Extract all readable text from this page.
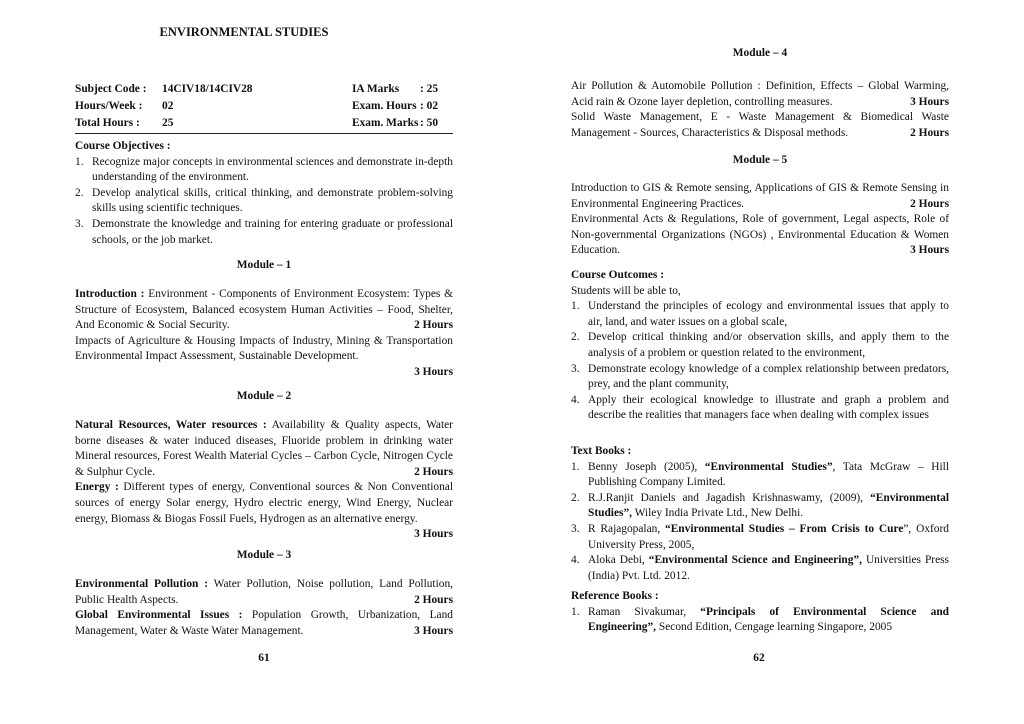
ENVIRONMENTAL STUDIES
Subject Code :	14CIV18/14CIV28	IA Marks	: 25
Hours/Week :	02	Exam. Hours	: 02
Total Hours :	25	Exam. Marks	: 50
Course Objectives :
1. Recognize major concepts in environmental sciences and demonstrate in-depth understanding of the environment.
2. Develop analytical skills, critical thinking, and demonstrate problem-solving skills using scientific techniques.
3. Demonstrate the knowledge and training for entering graduate or professional schools, or the job market.
Module – 1
Introduction : Environment - Components of Environment Ecosystem: Types & Structure of Ecosystem, Balanced ecosystem Human Activities – Food, Shelter, And Economic & Social Security.	2 Hours
Impacts of Agriculture & Housing Impacts of Industry, Mining & Transportation Environmental Impact Assessment, Sustainable Development.
3 Hours
Module – 2
Natural Resources, Water resources : Availability & Quality aspects, Water borne diseases & water induced diseases, Fluoride problem in drinking water Mineral resources, Forest Wealth Material Cycles – Carbon Cycle, Nitrogen Cycle & Sulphur Cycle.	2 Hours
Energy : Different types of energy, Conventional sources & Non Conventional sources of energy Solar energy, Hydro electric energy, Wind Energy, Nuclear energy, Biomass & Biogas Fossil Fuels, Hydrogen as an alternative energy.
3 Hours
Module – 3
Environmental Pollution : Water Pollution, Noise pollution, Land Pollution, Public Health Aspects.	2 Hours
Global Environmental Issues : Population Growth, Urbanization, Land Management, Water & Waste Water Management.	3 Hours
61
Module – 4
Air Pollution & Automobile Pollution : Definition, Effects – Global Warming, Acid rain & Ozone layer depletion, controlling measures.	3 Hours
Solid Waste Management, E - Waste Management & Biomedical Waste Management - Sources, Characteristics & Disposal methods.	2 Hours
Module – 5
Introduction to GIS & Remote sensing, Applications of GIS & Remote Sensing in Environmental Engineering Practices.	2 Hours
Environmental Acts & Regulations, Role of government, Legal aspects, Role of Non-governmental Organizations (NGOs) , Environmental Education & Women Education.	3 Hours
Course Outcomes :
Students will be able to,
1. Understand the principles of ecology and environmental issues that apply to air, land, and water issues on a global scale,
2. Develop critical thinking and/or observation skills, and apply them to the analysis of a problem or question related to the environment,
3. Demonstrate ecology knowledge of a complex relationship between predators, prey, and the plant community,
4. Apply their ecological knowledge to illustrate and graph a problem and describe the realities that managers face when dealing with complex issues
Text Books :
1. Benny Joseph (2005), “Environmental Studies”, Tata McGraw – Hill Publishing Company Limited.
2. R.J.Ranjit Daniels and Jagadish Krishnaswamy, (2009), “Environmental Studies”, Wiley India Private Ltd., New Delhi.
3. R Rajagopalan, “Environmental Studies – From Crisis to Cure”, Oxford University Press, 2005,
4. Aloka Debi, “Environmental Science and Engineering”, Universities Press (India) Pvt. Ltd. 2012.
Reference Books :
1. Raman Sivakumar, “Principals of Environmental Science and Engineering”, Second Edition, Cengage learning Singapore, 2005
62
